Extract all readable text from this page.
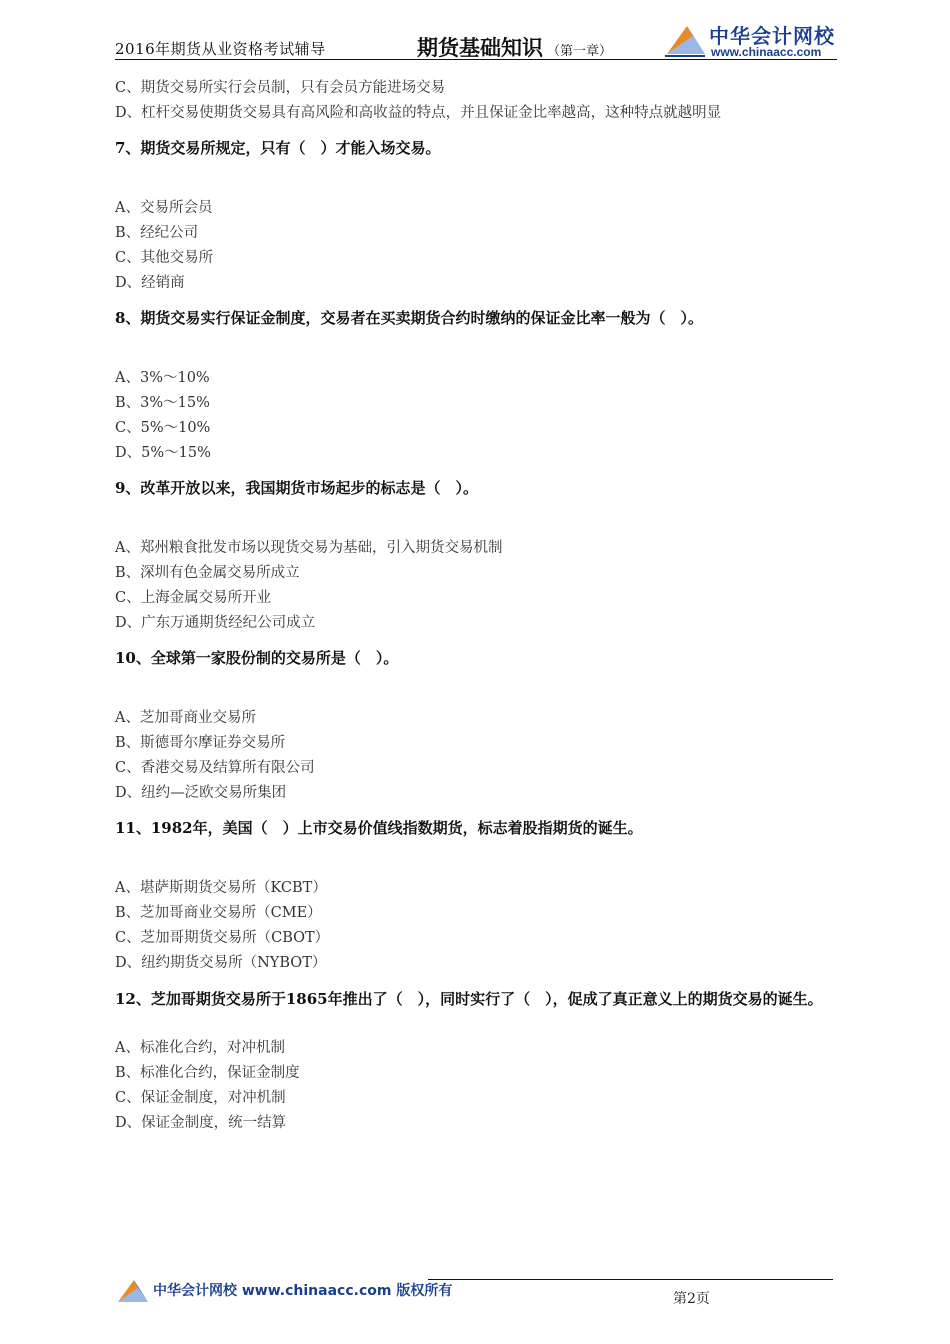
2016年期货从业资格考试辅导	期货基础知识 （第一章）
中华会计网校
www.chinaacc.com
C、期货交易所实行会员制，只有会员方能进场交易
D、杠杆交易使期货交易具有高风险和高收益的特点，并且保证金比率越高，这种特点就越明显
7、期货交易所规定，只有（　）才能入场交易。
A、交易所会员
B、经纪公司
C、其他交易所
D、经销商
8、期货交易实行保证金制度，交易者在买卖期货合约时缴纳的保证金比率一般为（　）。
A、3%～10%
B、3%～15%
C、5%～10%
D、5%～15%
9、改革开放以来，我国期货市场起步的标志是（　）。
A、郑州粮食批发市场以现货交易为基础，引入期货交易机制
B、深圳有色金属交易所成立
C、上海金属交易所开业
D、广东万通期货经纪公司成立
10、全球第一家股份制的交易所是（　）。
A、芝加哥商业交易所
B、斯德哥尔摩证券交易所
C、香港交易及结算所有限公司
D、纽约—泛欧交易所集团
11、1982年，美国（　）上市交易价值线指数期货，标志着股指期货的诞生。
A、堪萨斯期货交易所（KCBT）
B、芝加哥商业交易所（CME）
C、芝加哥期货交易所（CBOT）
D、纽约期货交易所（NYBOT）
12、芝加哥期货交易所于1865年推出了（　），同时实行了（　），促成了真正意义上的期货交易的诞生。
A、标准化合约，对冲机制
B、标准化合约，保证金制度
C、保证金制度，对冲机制
D、保证金制度，统一结算
中华会计网校 www.chinaacc.com 版权所有	第2页
